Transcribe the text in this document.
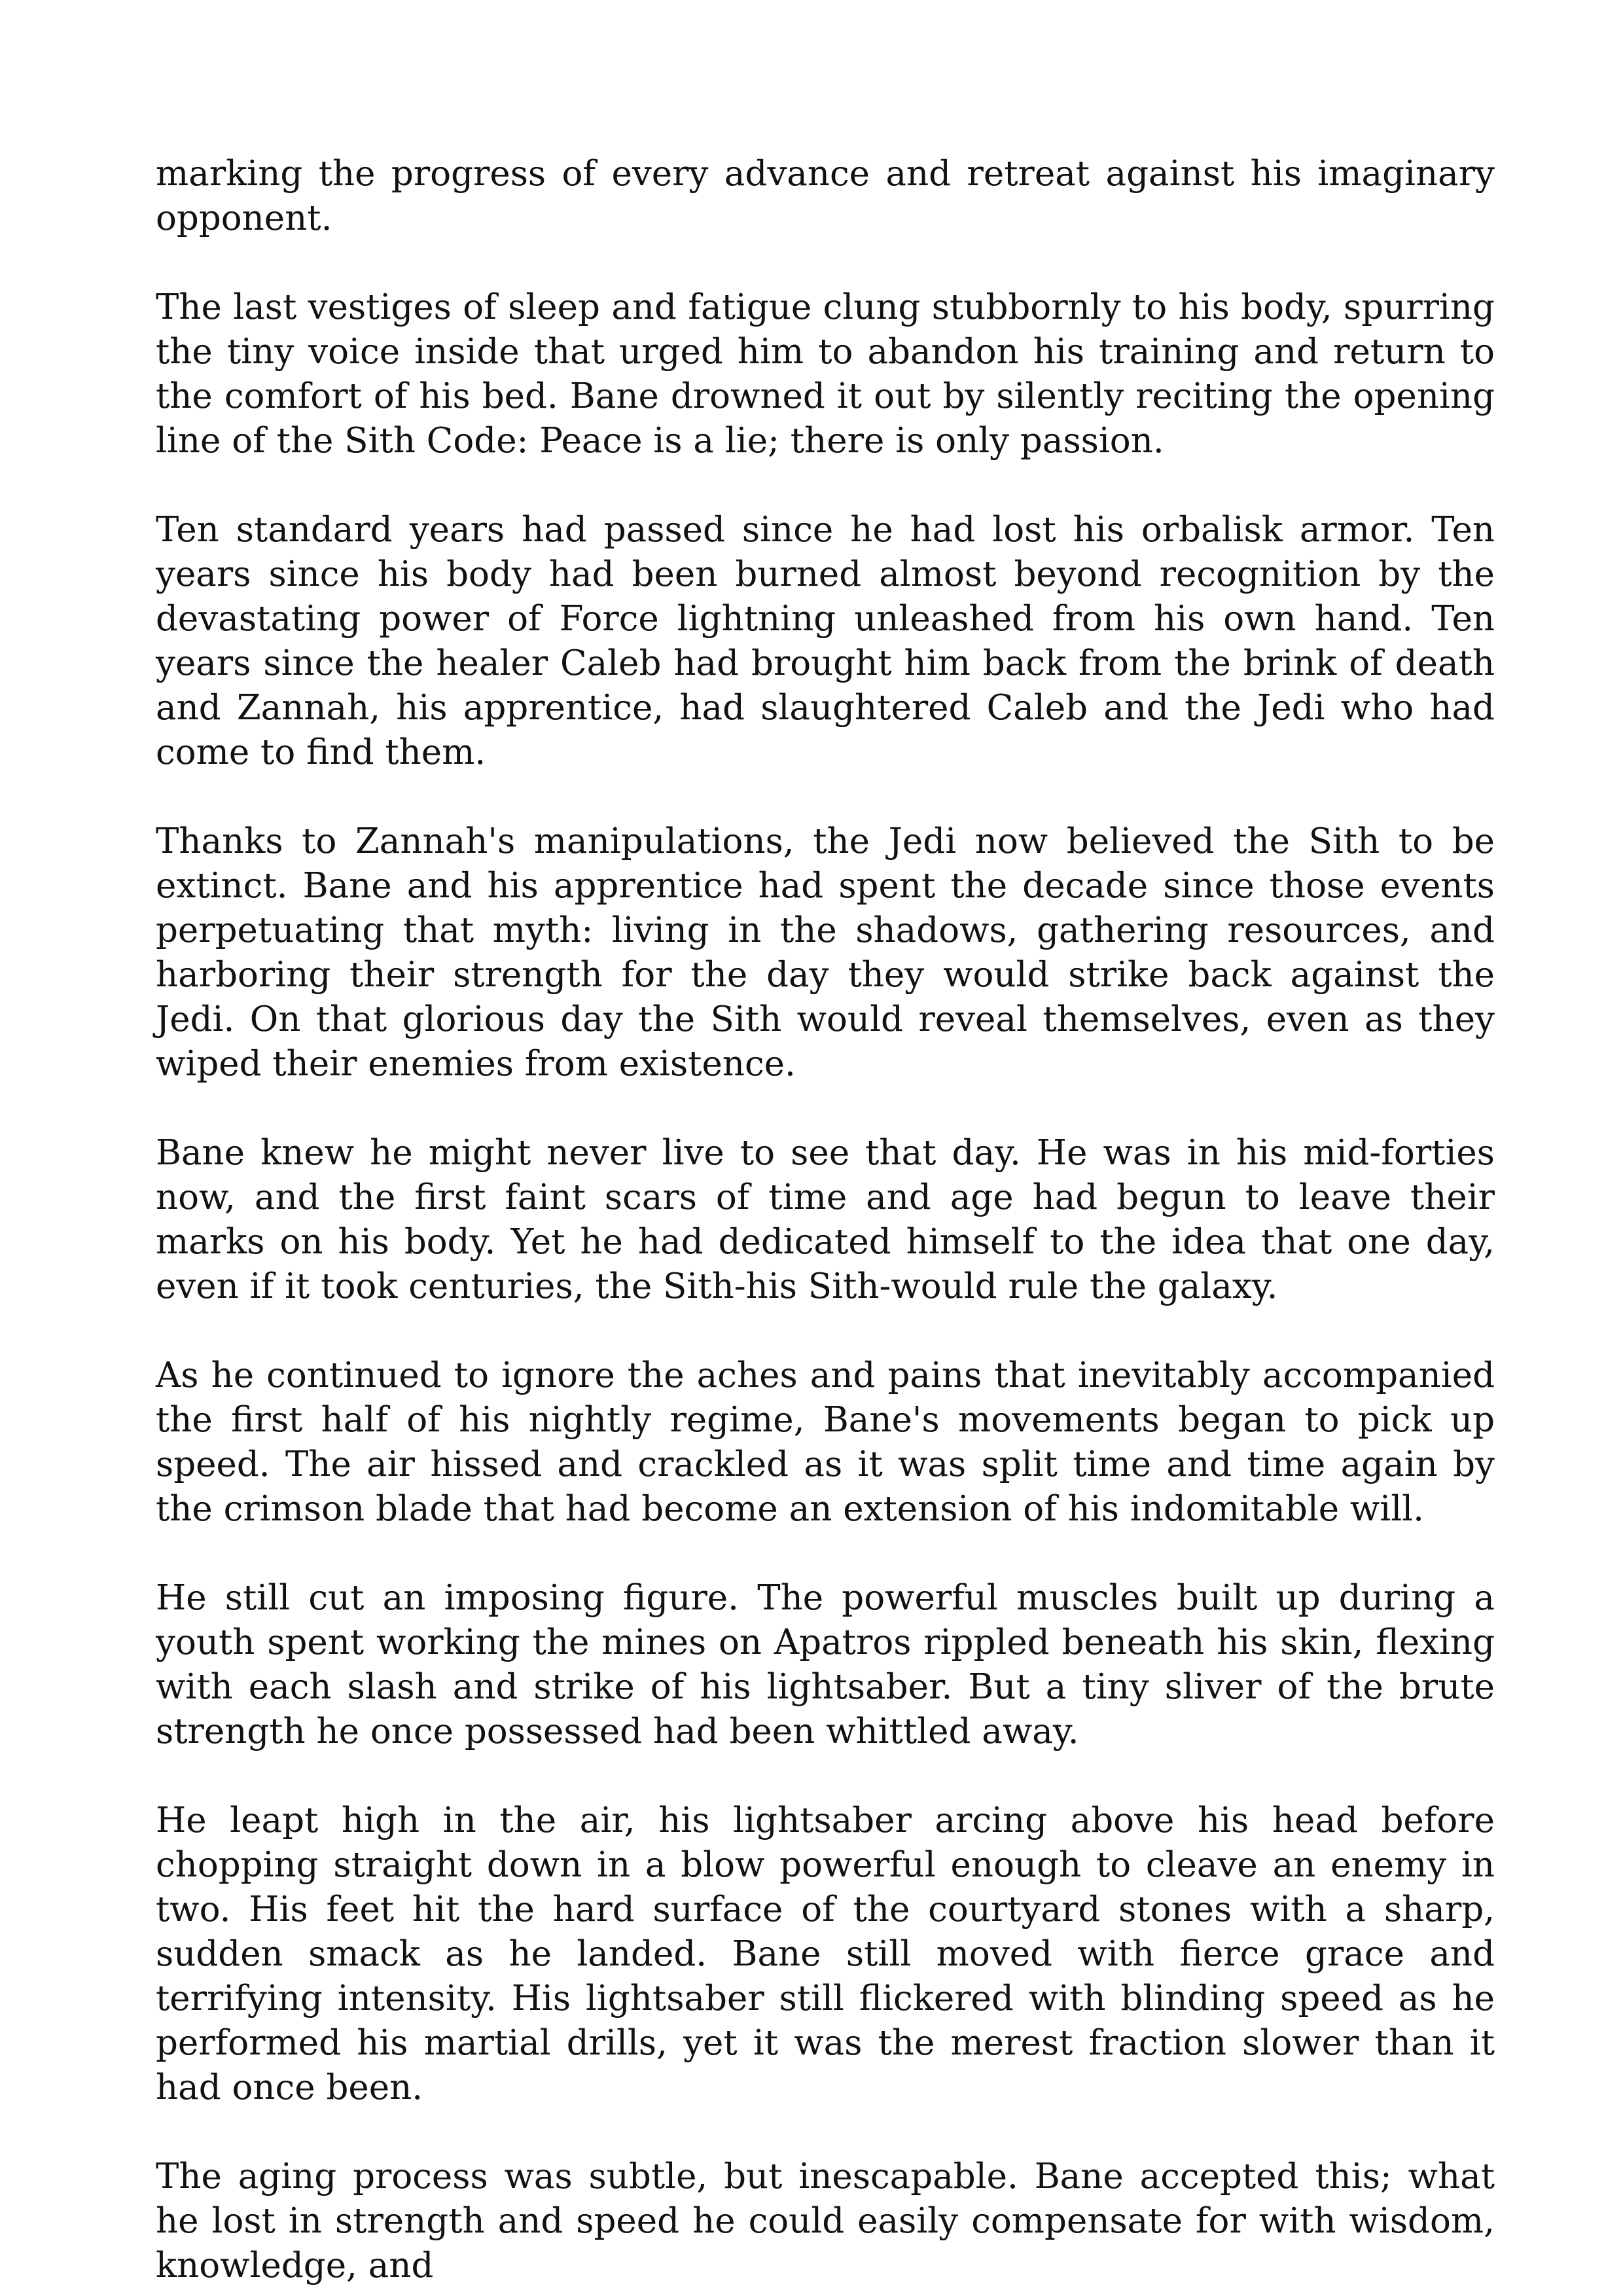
marking the progress of every advance and retreat against his imaginary opponent.

The last vestiges of sleep and fatigue clung stubbornly to his body, spurring the tiny voice inside that urged him to abandon his training and return to the comfort of his bed. Bane drowned it out by silently reciting the opening line of the Sith Code: Peace is a lie; there is only passion.

Ten standard years had passed since he had lost his orbalisk armor. Ten years since his body had been burned almost beyond recognition by the devastating power of Force lightning unleashed from his own hand. Ten years since the healer Caleb had brought him back from the brink of death and Zannah, his apprentice, had slaughtered Caleb and the Jedi who had come to find them.

Thanks to Zannah's manipulations, the Jedi now believed the Sith to be extinct. Bane and his apprentice had spent the decade since those events perpetuating that myth: living in the shadows, gathering resources, and harboring their strength for the day they would strike back against the Jedi. On that glorious day the Sith would reveal themselves, even as they wiped their enemies from existence.

Bane knew he might never live to see that day. He was in his mid-forties now, and the first faint scars of time and age had begun to leave their marks on his body. Yet he had dedicated himself to the idea that one day, even if it took centuries, the Sith-his Sith-would rule the galaxy.

As he continued to ignore the aches and pains that inevitably accompanied the first half of his nightly regime, Bane's movements began to pick up speed. The air hissed and crackled as it was split time and time again by the crimson blade that had become an extension of his indomitable will.

He still cut an imposing figure. The powerful muscles built up during a youth spent working the mines on Apatros rippled beneath his skin, flexing with each slash and strike of his lightsaber. But a tiny sliver of the brute strength he once possessed had been whittled away.

He leapt high in the air, his lightsaber arcing above his head before chopping straight down in a blow powerful enough to cleave an enemy in two. His feet hit the hard surface of the courtyard stones with a sharp, sudden smack as he landed. Bane still moved with fierce grace and terrifying intensity. His lightsaber still flickered with blinding speed as he performed his martial drills, yet it was the merest fraction slower than it had once been.

The aging process was subtle, but inescapable. Bane accepted this; what he lost in strength and speed he could easily compensate for with wisdom, knowledge, and
